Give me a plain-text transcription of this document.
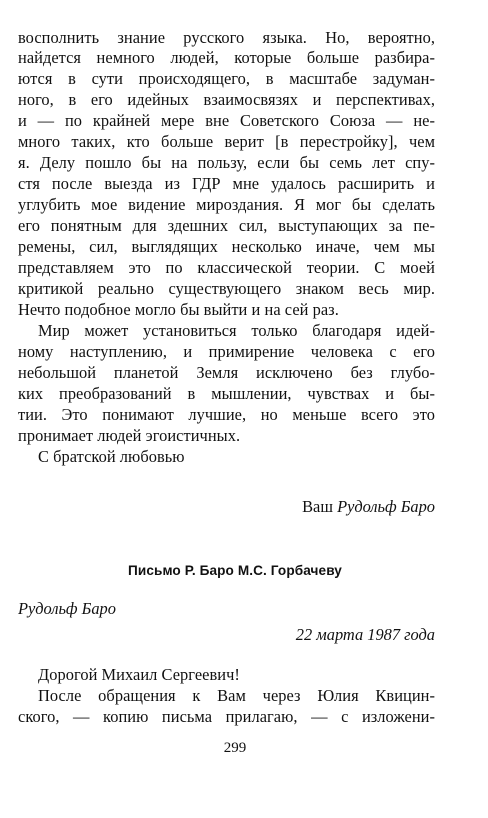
восполнить знание русского языка. Но, вероятно,
найдется немного людей, которые больше разбира-
ются в сути происходящего, в масштабе задуман-
ного, в его идейных взаимосвязях и перспективах,
и — по крайней мере вне Советского Союза — не-
много таких, кто больше верит [в перестройку], чем
я. Делу пошло бы на пользу, если бы семь лет спу-
стя после выезда из ГДР мне удалось расширить и
углубить мое видение мироздания. Я мог бы сделать
его понятным для здешних сил, выступающих за пе-
ремены, сил, выглядящих несколько иначе, чем мы
представляем это по классической теории. С моей
критикой реально существующего знаком весь мир.
Нечто подобное могло бы выйти и на сей раз.
Мир может установиться только благодаря идей-
ному наступлению, и примирение человека с его
небольшой планетой Земля исключено без глубо-
ких преобразований в мышлении, чувствах и бы-
тии. Это понимают лучшие, но меньше всего это
пронимает людей эгоистичных.
С братской любовью
Ваш Рудольф Баро
Письмо Р. Баро М.С. Горбачеву
Рудольф Баро
22 марта 1987 года
Дорогой Михаил Сергеевич!
После обращения к Вам через Юлия Квицин-
ского, — копию письма прилагаю, — с изложени-
299
